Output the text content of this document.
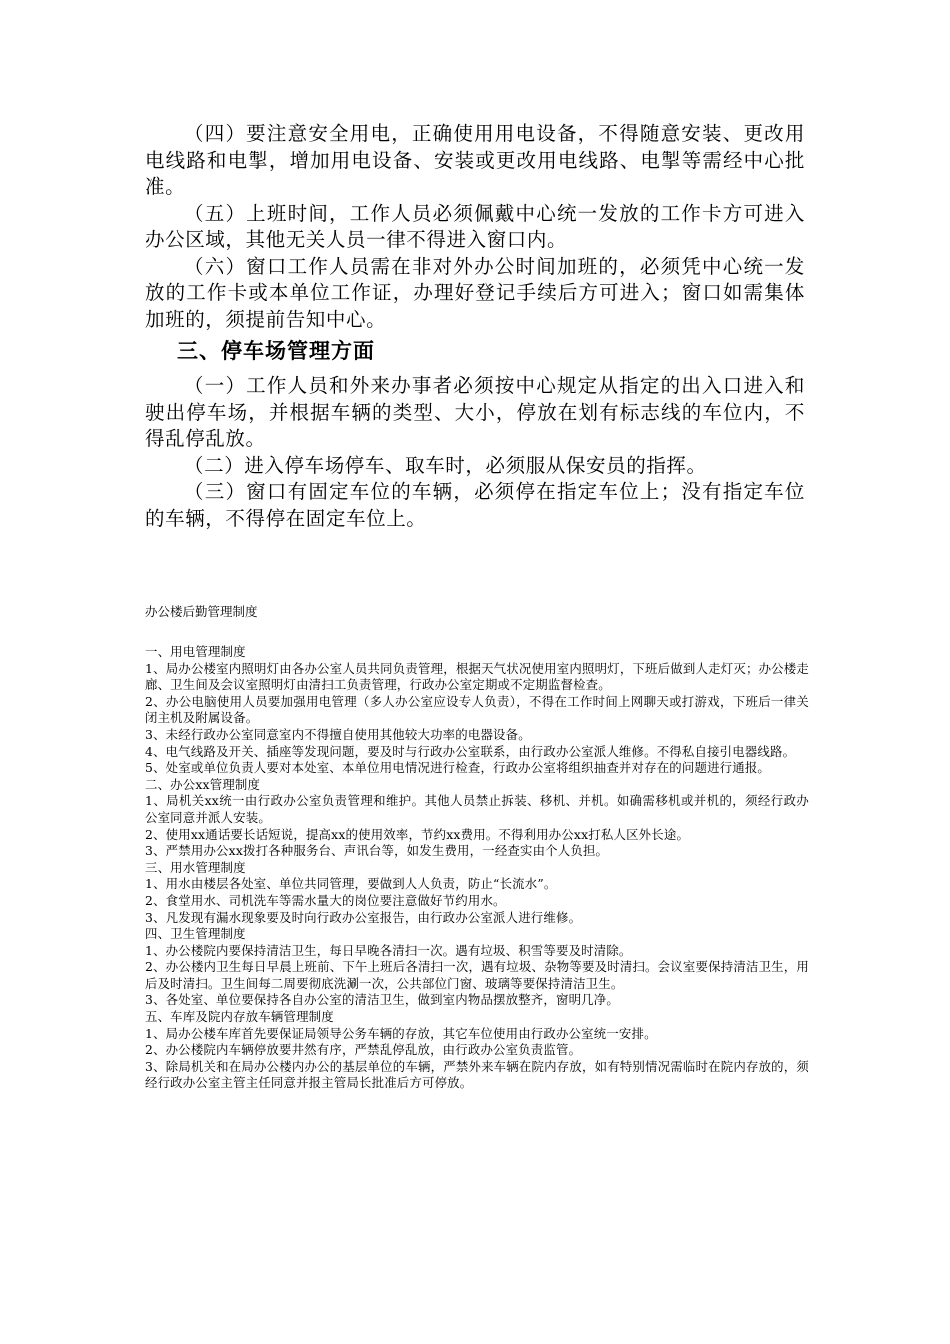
（四）要注意安全用电，正确使用用电设备，不得随意安装、更改用电线路和电掣，增加用电设备、安装或更改用电线路、电掣等需经中心批准。

（五）上班时间，工作人员必须佩戴中心统一发放的工作卡方可进入办公区域，其他无关人员一律不得进入窗口内。

（六）窗口工作人员需在非对外办公时间加班的，必须凭中心统一发放的工作卡或本单位工作证，办理好登记手续后方可进入；窗口如需集体加班的，须提前告知中心。

三、停车场管理方面

（一）工作人员和外来办事者必须按中心规定从指定的出入口进入和驶出停车场，并根据车辆的类型、大小，停放在划有标志线的车位内，不得乱停乱放。

（二）进入停车场停车、取车时，必须服从保安员的指挥。

（三）窗口有固定车位的车辆，必须停在指定车位上；没有指定车位的车辆，不得停在固定车位上。

办公楼后勤管理制度
一、用电管理制度
1、局办公楼室内照明灯由各办公室人员共同负责管理，根据天气状况使用室内照明灯，下班后做到人走灯灭；办公楼走廊、卫生间及会议室照明灯由清扫工负责管理，行政办公室定期或不定期监督检查。
2、办公电脑使用人员要加强用电管理（多人办公室应设专人负责），不得在工作时间上网聊天或打游戏，下班后一律关闭主机及附属设备。
3、未经行政办公室同意室内不得擅自使用其他较大功率的电器设备。
4、电气线路及开关、插座等发现问题，要及时与行政办公室联系，由行政办公室派人维修。不得私自接引电器线路。
5、处室或单位负责人要对本处室、本单位用电情况进行检查，行政办公室将组织抽查并对存在的问题进行通报。
二、办公xx管理制度
1、局机关xx统一由行政办公室负责管理和维护。其他人员禁止拆装、移机、并机。如确需移机或并机的，须经行政办公室同意并派人安装。
2、使用xx通话要长话短说，提高xx的使用效率，节约xx费用。不得利用办公xx打私人区外长途。
3、严禁用办公xx拨打各种服务台、声讯台等，如发生费用，一经查实由个人负担。
三、用水管理制度
1、用水由楼层各处室、单位共同管理，要做到人人负责，防止“长流水”。
2、食堂用水、司机洗车等需水量大的岗位要注意做好节约用水。
3、凡发现有漏水现象要及时向行政办公室报告，由行政办公室派人进行维修。
四、卫生管理制度
1、办公楼院内要保持清洁卫生，每日早晚各清扫一次。遇有垃圾、积雪等要及时清除。
2、办公楼内卫生每日早晨上班前、下午上班后各清扫一次，遇有垃圾、杂物等要及时清扫。会议室要保持清洁卫生，用后及时清扫。卫生间每二周要彻底洗涮一次，公共部位门窗、玻璃等要保持清洁卫生。
3、各处室、单位要保持各自办公室的清洁卫生，做到室内物品摆放整齐，窗明几净。
五、车库及院内存放车辆管理制度
1、局办公楼车库首先要保证局领导公务车辆的存放，其它车位使用由行政办公室统一安排。
2、办公楼院内车辆停放要井然有序，严禁乱停乱放，由行政办公室负责监管。
3、除局机关和在局办公楼内办公的基层单位的车辆，严禁外来车辆在院内存放，如有特别情况需临时在院内存放的，须经行政办公室主管主任同意并报主管局长批准后方可停放。
